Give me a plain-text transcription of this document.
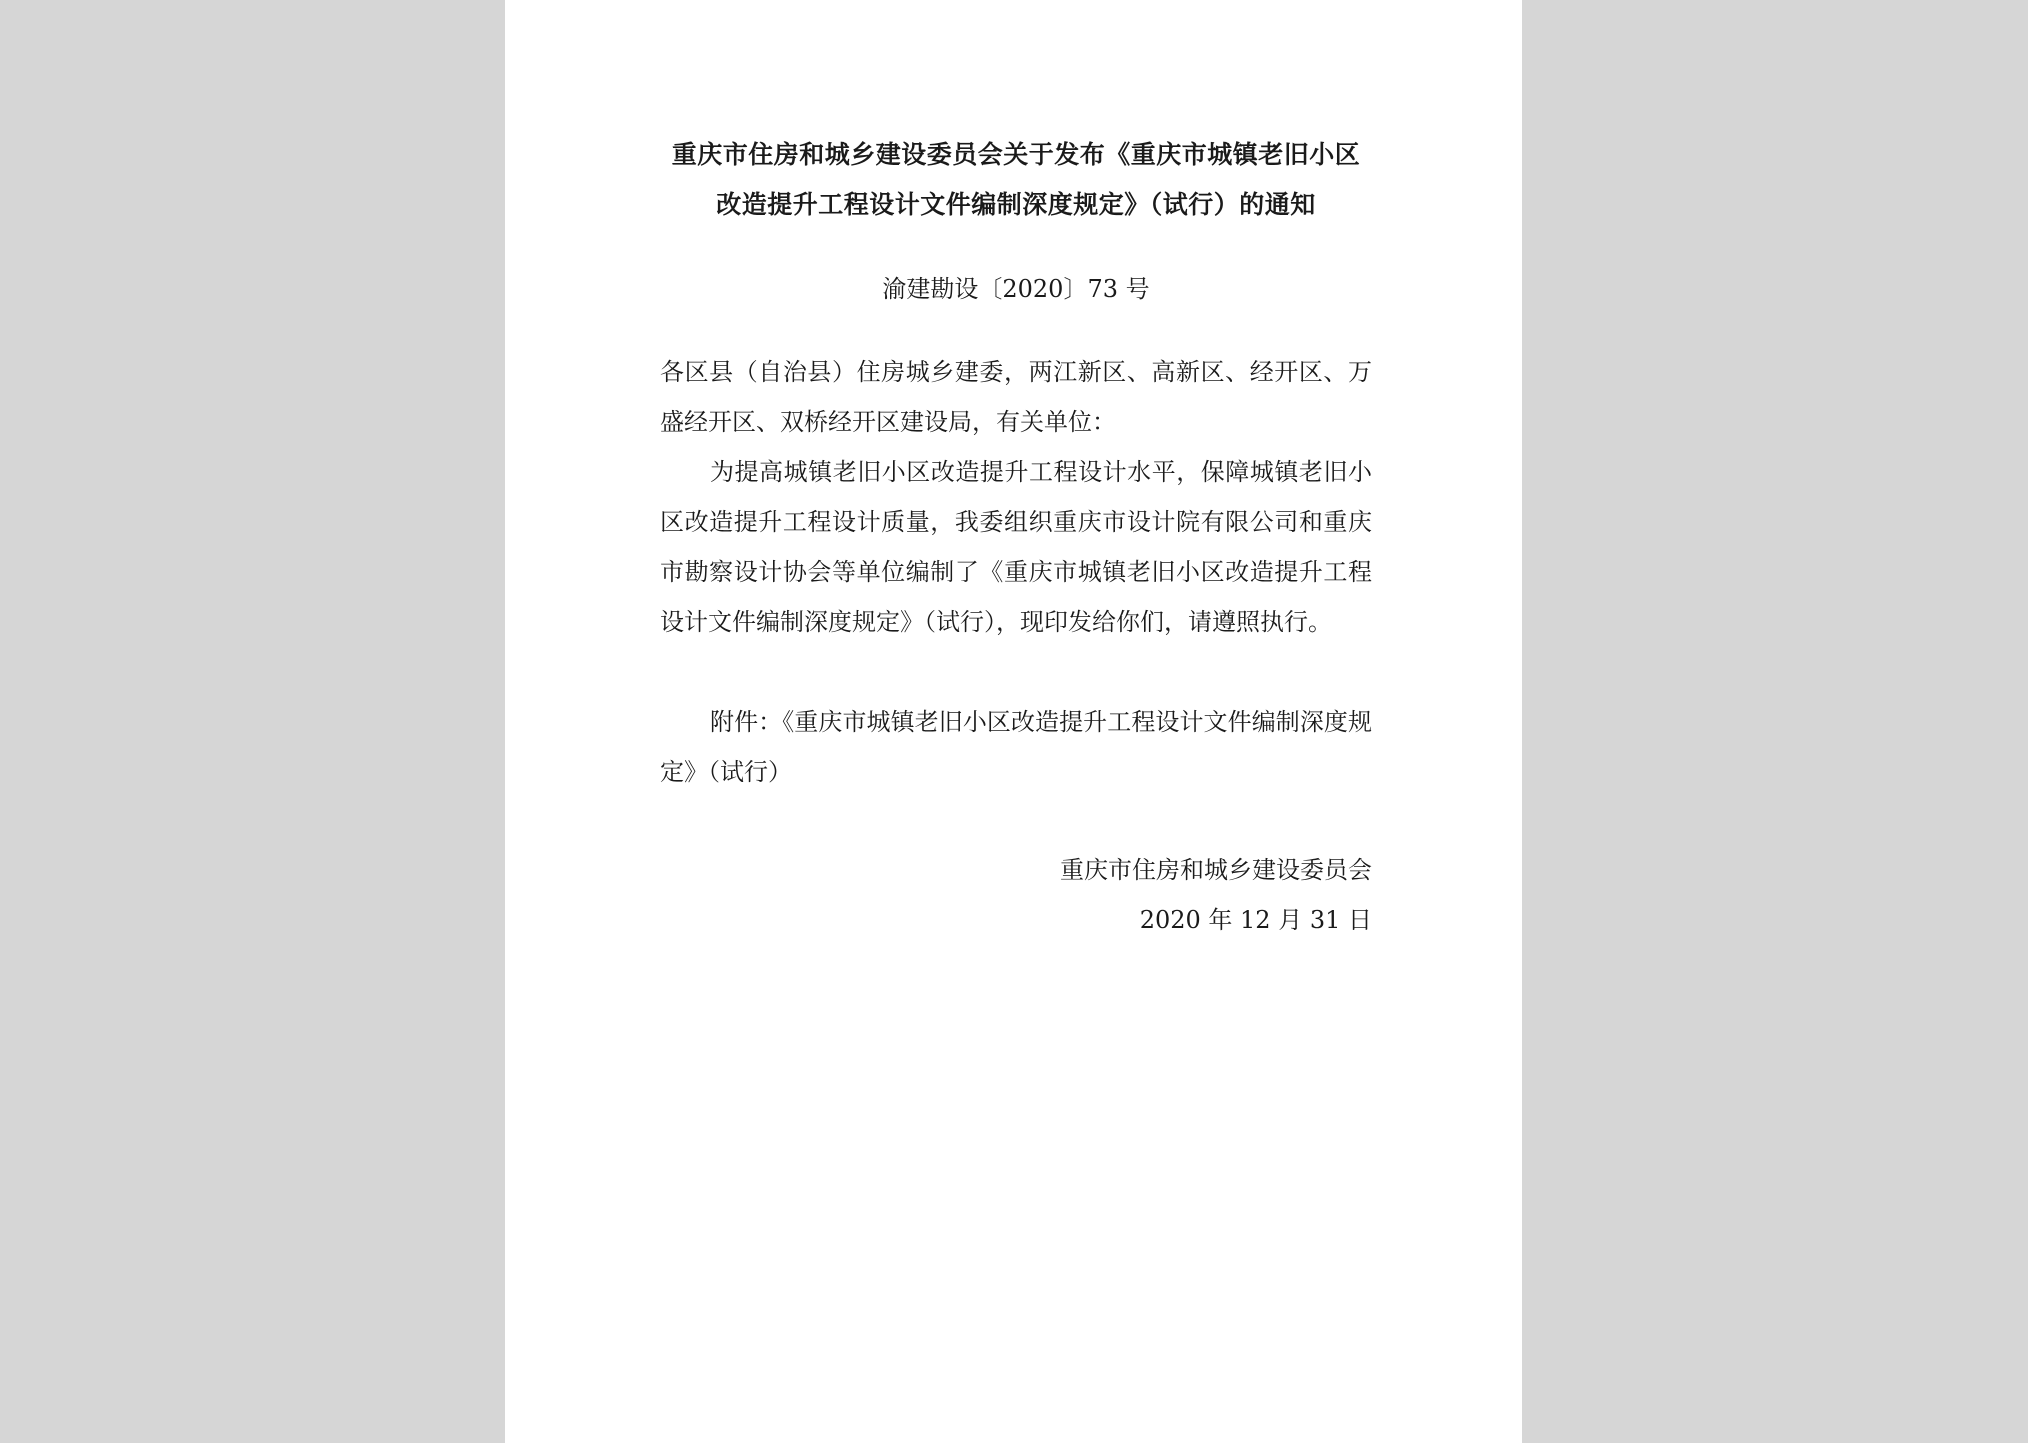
重庆市住房和城乡建设委员会关于发布《重庆市城镇老旧小区改造提升工程设计文件编制深度规定》（试行）的通知
渝建勘设〔2020〕73 号
各区县（自治县）住房城乡建委，两江新区、高新区、经开区、万盛经开区、双桥经开区建设局，有关单位：
为提高城镇老旧小区改造提升工程设计水平，保障城镇老旧小区改造提升工程设计质量，我委组织重庆市设计院有限公司和重庆市勘察设计协会等单位编制了《重庆市城镇老旧小区改造提升工程设计文件编制深度规定》（试行），现印发给你们，请遵照执行。
附件：《重庆市城镇老旧小区改造提升工程设计文件编制深度规定》（试行）
重庆市住房和城乡建设委员会
2020 年 12 月 31 日
